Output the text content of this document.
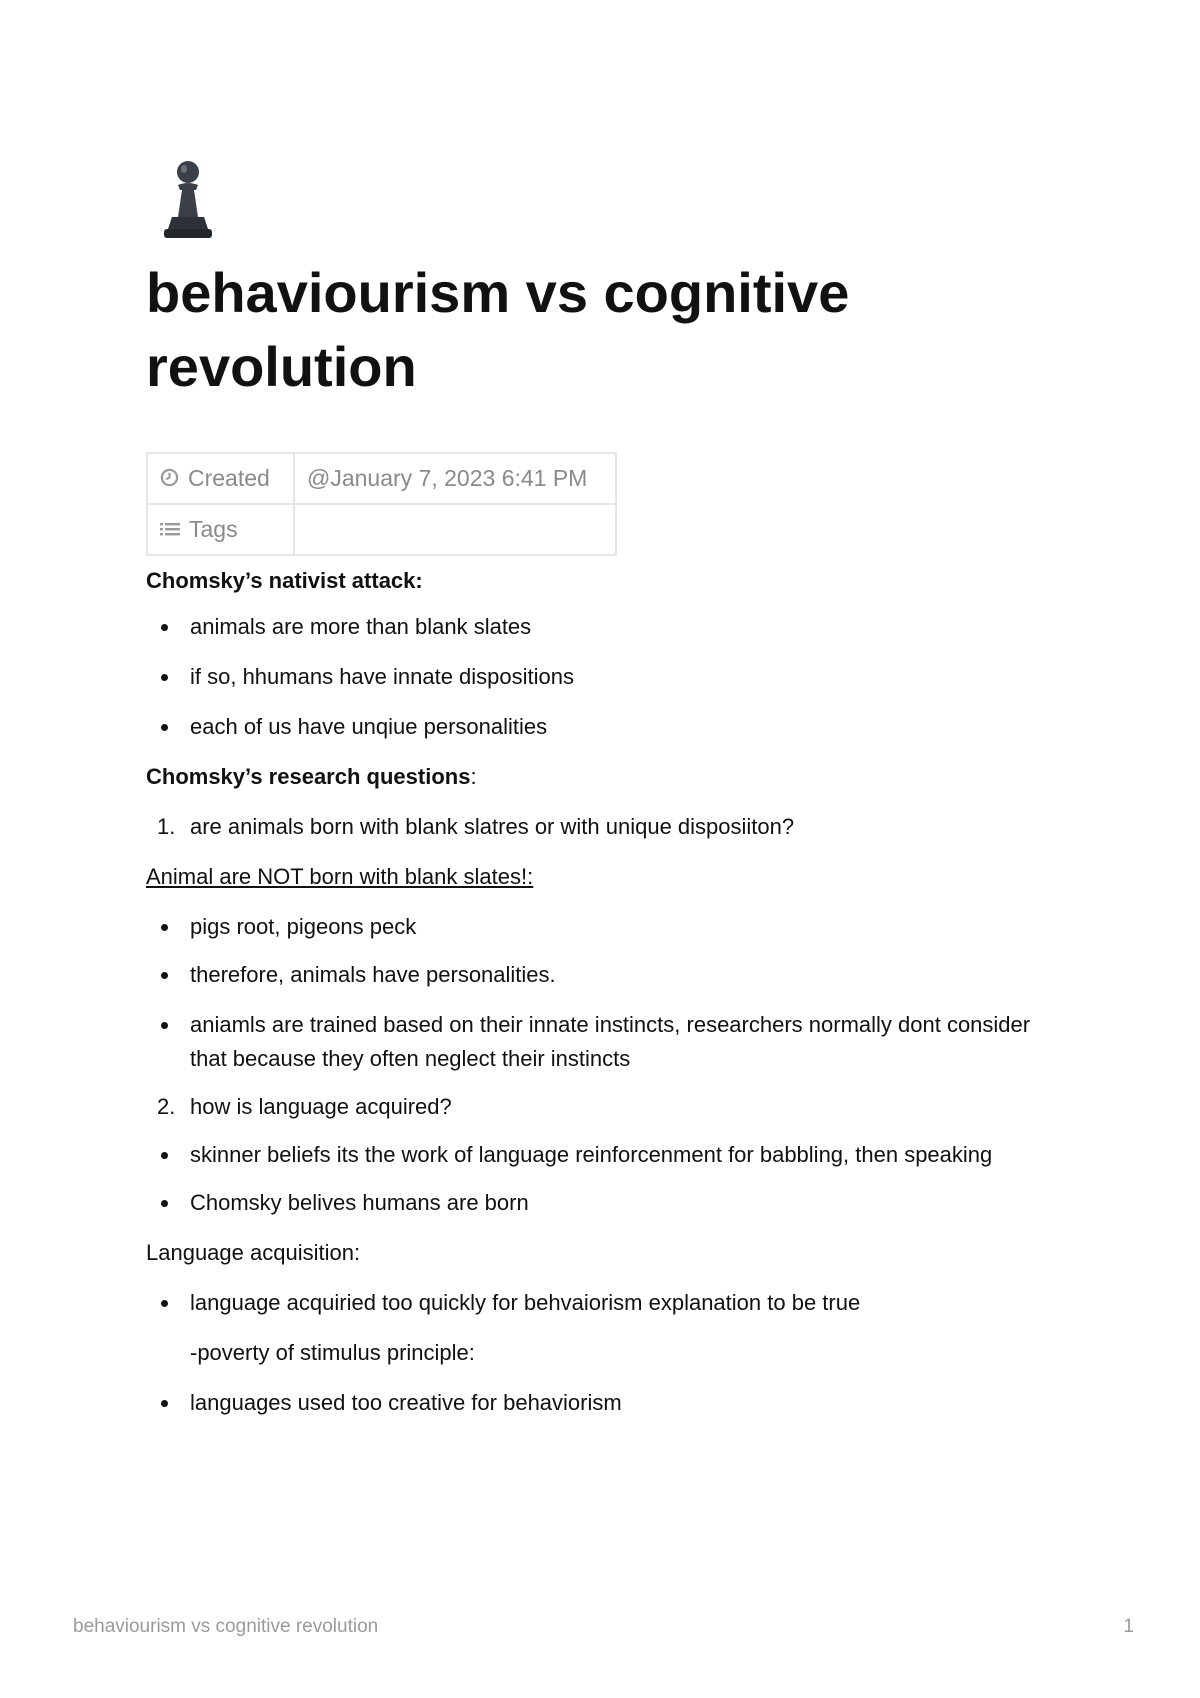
behaviourism vs cognitive revolution
Created	@January 7, 2023 6:41 PM
Tags	

Chomsky’s nativist attack:

animals are more than blank slates

if so, hhumans have innate dispositions

each of us have unqiue personalities

Chomsky’s research questions:

1. are animals born with blank slatres or with unique disposiiton?

Animal are NOT born with blank slates!:

pigs root, pigeons peck

therefore, animals have personalities.

aniamls are trained based on their innate instincts, researchers normally dont consider that because they often neglect their instincts

2. how is language acquired?

skinner beliefs its the work of language reinforcenment for babbling, then speaking

Chomsky belives humans are born

Language acquisition:

language acquiried too quickly for behvaiorism explanation to be true

-poverty of stimulus principle:

languages used too creative for behaviorism

behaviourism vs cognitive revolution	1
